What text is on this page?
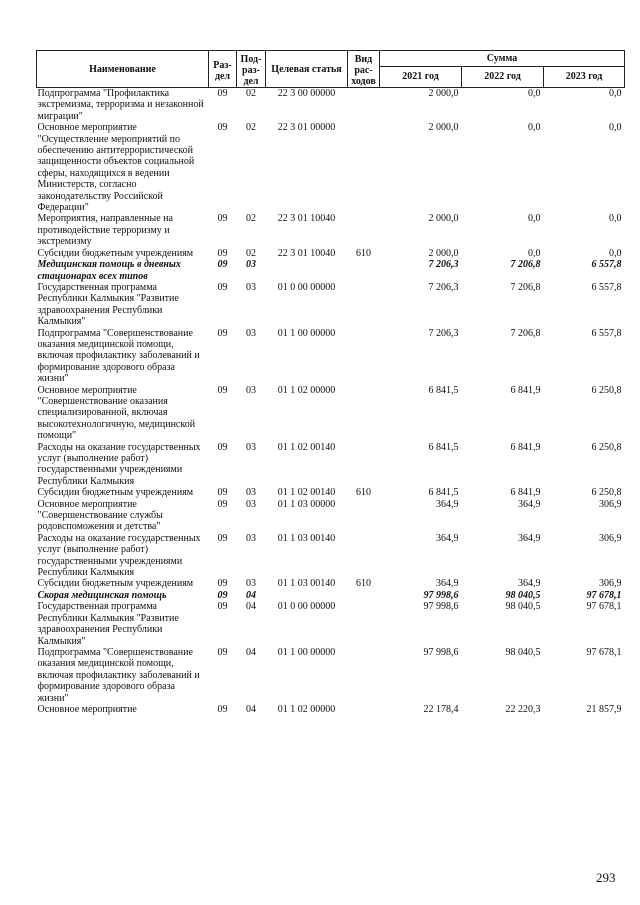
Наименование	Раз-дел	Под-раз-дел	Целевая статья	Вид рас-ходов	Сумма		
					2021 год	2022 год	2023 год
Подпрограмма "Профилактика экстремизма, терроризма и незаконной миграции"	09	02	22 3 00 00000		2 000,0	0,0	0,0
Основное мероприятие "Осуществление мероприятий по обеспечению антитеррористической защищенности объектов социальной сферы, находящихся в ведении Министерств, согласно законодательству Российской Федерации"	09	02	22 3 01 00000		2 000,0	0,0	0,0
Мероприятия, направленные на противодействие терроризму и экстремизму	09	02	22 3 01 10040		2 000,0	0,0	0,0
Субсидии бюджетным учреждениям	09	02	22 3 01 10040	610	2 000,0	0,0	0,0
Медицинская помощь в дневных стационарах всех типов	09	03			7 206,3	7 206,8	6 557,8
Государственная программа Республики Калмыкия "Развитие здравоохранения Республики Калмыкия"	09	03	01 0 00 00000		7 206,3	7 206,8	6 557,8
Подпрограмма "Совершенствование оказания медицинской помощи, включая профилактику заболеваний и формирование здорового образа жизни"	09	03	01 1 00 00000		7 206,3	7 206,8	6 557,8
Основное мероприятие "Совершенствование оказания специализированной, включая высокотехнологичную, медицинской помощи"	09	03	01 1 02 00000		6 841,5	6 841,9	6 250,8
Расходы на оказание государственных услуг (выполнение работ) государственными учреждениями Республики Калмыкия	09	03	01 1 02 00140		6 841,5	6 841,9	6 250,8
Субсидии бюджетным учреждениям	09	03	01 1 02 00140	610	6 841,5	6 841,9	6 250,8
Основное мероприятие "Совершенствование службы родовспоможения и детства"	09	03	01 1 03 00000		364,9	364,9	306,9
Расходы на оказание государственных услуг (выполнение работ) государственными учреждениями Республики Калмыкия	09	03	01 1 03 00140		364,9	364,9	306,9
Субсидии бюджетным учреждениям	09	03	01 1 03 00140	610	364,9	364,9	306,9
Скорая медицинская помощь	09	04			97 998,6	98 040,5	97 678,1
Государственная программа Республики Калмыкия "Развитие здравоохранения Республики Калмыкия"	09	04	01 0 00 00000		97 998,6	98 040,5	97 678,1
Подпрограмма "Совершенствование оказания медицинской помощи, включая профилактику заболеваний и формирование здорового образа жизни"	09	04	01 1 00 00000		97 998,6	98 040,5	97 678,1
Основное мероприятие	09	04	01 1 02 00000		22 178,4	22 220,3	21 857,9
293
